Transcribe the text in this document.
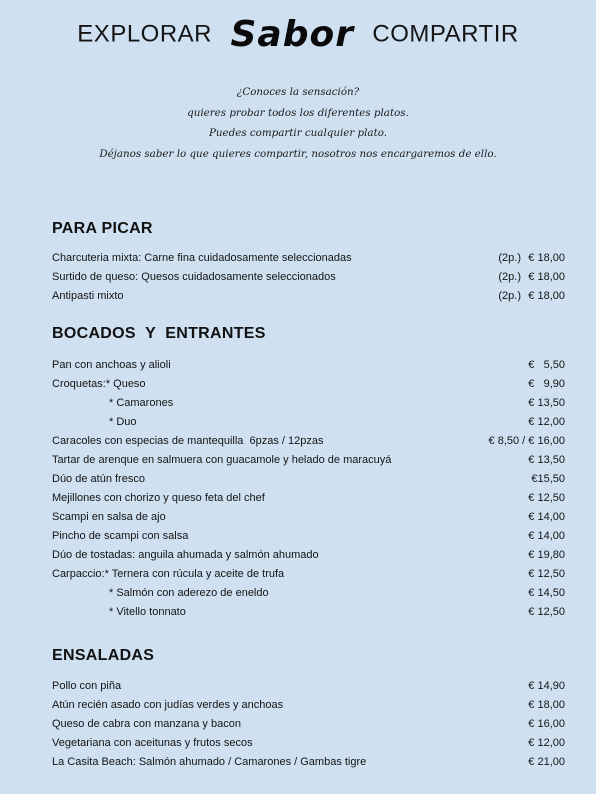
EXPLORAR Sabor COMPARTIR
¿Conoces la sensación?
quieres probar todos los diferentes platos.
Puedes compartir cualquier plato.
Déjanos saber lo que quieres compartir, nosotros nos encargaremos de ello.
PARA PICAR
Charcuteria mixta: Carne fina cuidadosamente seleccionadas	(2p.) € 18,00
Surtido de queso: Quesos cuidadosamente seleccionados	(2p.) € 18,00
Antipasti mixto	(2p.) € 18,00
BOCADOS  Y  ENTRANTES
Pan con anchoas y alioli	€   5,50
Croquetas:* Queso	€   9,90
* Camarones	€ 13,50
* Duo	€ 12,00
Caracoles con especias de mantequilla  6pzas / 12pzas	€ 8,50 / € 16,00
Tartar de arenque en salmuera con guacamole y helado de maracuyá	€ 13,50
Dúo de atún fresco	€15,50
Mejillones con chorizo y queso feta del chef	€ 12,50
Scampi en salsa de ajo	€ 14,00
Pincho de scampi con salsa	€ 14,00
Dúo de tostadas: anguila ahumada y salmón ahumado	€ 19,80
Carpaccio:* Ternera con rúcula y aceite de trufa	€ 12,50
* Salmón con aderezo de eneldo	€ 14,50
* Vitello tonnato	€ 12,50
ENSALADAS
Pollo con piña	€ 14,90
Atún recién asado con judías verdes y anchoas	€ 18,00
Queso de cabra con manzana y bacon	€ 16,00
Vegetariana con aceitunas y frutos secos	€ 12,00
La Casita Beach: Salmón ahumado / Camarones / Gambas tigre	€ 21,00
